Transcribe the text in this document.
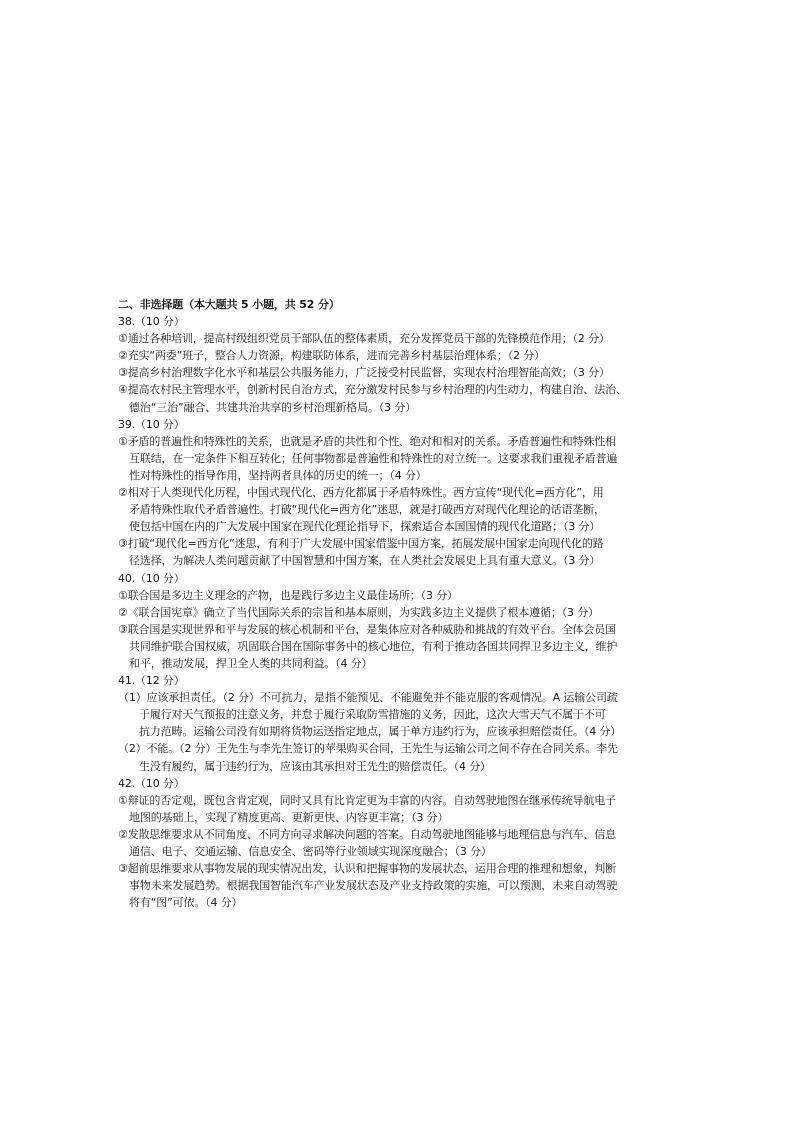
二、非选择题（本大题共 5 小题，共 52 分）
38.（10 分）
①通过各种培训，提高村级组织党员干部队伍的整体素质，充分发挥党员干部的先锋模范作用；（2 分）
②充实“两委”班子，整合人力资源，构建联防体系，进而完善乡村基层治理体系；（2 分）
③提高乡村治理数字化水平和基层公共服务能力，广泛接受村民监督，实现农村治理智能高效；（3 分）
④提高农村民主管理水平，创新村民自治方式，充分激发村民参与乡村治理的内生动力，构建自治、法治、
德治“三治”融合、共建共治共享的乡村治理新格局。（3 分）
39.（10 分）
①矛盾的普遍性和特殊性的关系，也就是矛盾的共性和个性、绝对和相对的关系。矛盾普遍性和特殊性相
互联结，在一定条件下相互转化；任何事物都是普遍性和特殊性的对立统一。这要求我们重视矛盾普遍
性对特殊性的指导作用，坚持两者具体的历史的统一；（4 分）
②相对于人类现代化历程，中国式现代化、西方化都属于矛盾特殊性。西方宣传“现代化=西方化”，用
矛盾特殊性取代矛盾普遍性。打破“现代化=西方化”迷思，就是打破西方对现代化理论的话语垄断，
使包括中国在内的广大发展中国家在现代化理论指导下，探索适合本国国情的现代化道路；（3 分）
③打破“现代化=西方化”迷思，有利于广大发展中国家借鉴中国方案，拓展发展中国家走向现代化的路
径选择，为解决人类问题贡献了中国智慧和中国方案，在人类社会发展史上具有重大意义。（3 分）
40.（10 分）
①联合国是多边主义理念的产物，也是践行多边主义最佳场所；（3 分）
②《联合国宪章》确立了当代国际关系的宗旨和基本原则，为实践多边主义提供了根本遵循；（3 分）
③联合国是实现世界和平与发展的核心机制和平台，是集体应对各种威胁和挑战的有效平台。全体会员国
共同维护联合国权威，巩固联合国在国际事务中的核心地位，有利于推动各国共同捍卫多边主义，维护
和平，推动发展，捍卫全人类的共同利益。（4 分）
41.（12 分）
（1）应该承担责任。（2 分）不可抗力，是指不能预见、不能避免并不能克服的客观情况。A 运输公司疏
于履行对天气预报的注意义务，并怠于履行采取防雪措施的义务，因此，这次大雪天气不属于不可
抗力范畴。运输公司没有如期将货物运送指定地点，属于单方违约行为，应该承担赔偿责任。（4 分）
（2）不能。（2 分）王先生与李先生签订的苹果购买合同，王先生与运输公司之间不存在合同关系。李先
生没有履约，属于违约行为，应该由其承担对王先生的赔偿责任。（4 分）
42.（10 分）
①辩证的否定观，既包含肯定观，同时又具有比肯定更为丰富的内容。自动驾驶地图在继承传统导航电子
地图的基础上，实现了精度更高、更新更快、内容更丰富；（3 分）
②发散思维要求从不同角度、不同方向寻求解决问题的答案。自动驾驶地图能够与地理信息与汽车、信息
通信、电子、交通运输、信息安全、密码等行业领域实现深度融合；（3 分）
③超前思维要求从事物发展的现实情况出发，认识和把握事物的发展状态，运用合理的推理和想象，判断
事物未来发展趋势。根据我国智能汽车产业发展状态及产业支持政策的实施，可以预测，未来自动驾驶
将有“图”可依。（4 分）
